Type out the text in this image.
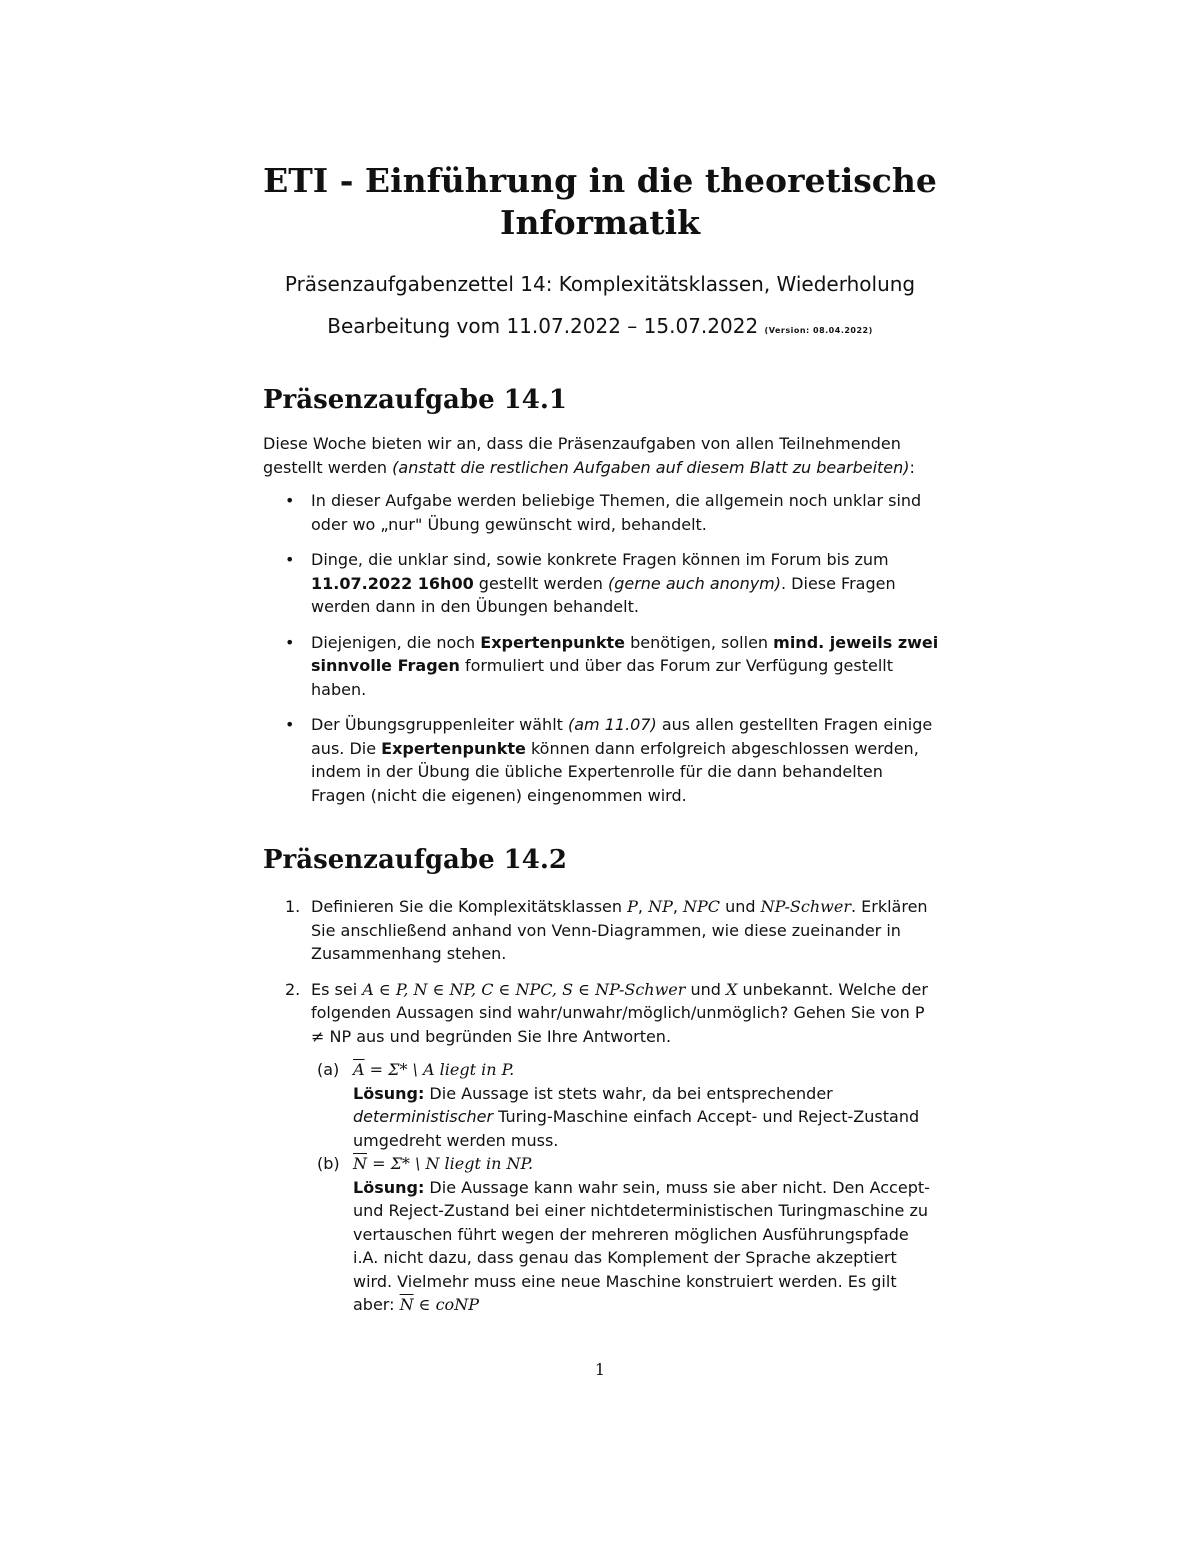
ETI - Einführung in die theoretische
Informatik
Präsenzaufgabenzettel 14: Komplexitätsklassen, Wiederholung
Bearbeitung vom 11.07.2022 – 15.07.2022 (Version: 08.04.2022)
Präsenzaufgabe 14.1

Diese Woche bieten wir an, dass die Präsenzaufgaben von allen Teilnehmenden gestellt werden (anstatt die restlichen Aufgaben auf diesem Blatt zu bearbeiten):

• In dieser Aufgabe werden beliebige Themen, die allgemein noch unklar sind oder wo „nur" Übung gewünscht wird, behandelt.
• Dinge, die unklar sind, sowie konkrete Fragen können im Forum bis zum 11.07.2022 16h00 gestellt werden (gerne auch anonym). Diese Fragen werden dann in den Übungen behandelt.
• Diejenigen, die noch Expertenpunkte benötigen, sollen mind. jeweils zwei sinnvolle Fragen formuliert und über das Forum zur Verfügung gestellt haben.
• Der Übungsgruppenleiter wählt (am 11.07) aus allen gestellten Fragen einige aus. Die Expertenpunkte können dann erfolgreich abgeschlossen werden, indem in der Übung die übliche Expertenrolle für die dann behandelten Fragen (nicht die eigenen) eingenommen wird.
Präsenzaufgabe 14.2
1. Definieren Sie die Komplexitätsklassen P, NP, NPC und NP-Schwer. Erklären Sie anschließend anhand von Venn-Diagrammen, wie diese zueinander in Zusammenhang stehen.
2. Es sei A ∈ P, N ∈ NP, C ∈ NPC, S ∈ NP-Schwer und X unbekannt. Welche der folgenden Aussagen sind wahr/unwahr/möglich/unmöglich? Gehen Sie von P ≠ NP aus und begründen Sie Ihre Antworten.
(a) $\overline{A} = \Sigma*$ \ A liegt in P.
Lösung: Die Aussage ist stets wahr, da bei entsprechender deterministischer Turing-Maschine einfach Accept- und Reject-Zustand umgedreht werden muss.
(b) $\overline{N} = \Sigma*$ \ N liegt in NP.
Lösung: Die Aussage kann wahr sein, muss sie aber nicht. Den Accept- und Reject-Zustand bei einer nichtdeterministischen Turingmaschine zu vertauschen führt wegen der mehreren möglichen Ausführungspfade i.A. nicht dazu, dass genau das Komplement der Sprache akzeptiert wird. Vielmehr muss eine neue Maschine konstruiert werden. Es gilt aber: $\overline{N}$ ∈ coNP
1
